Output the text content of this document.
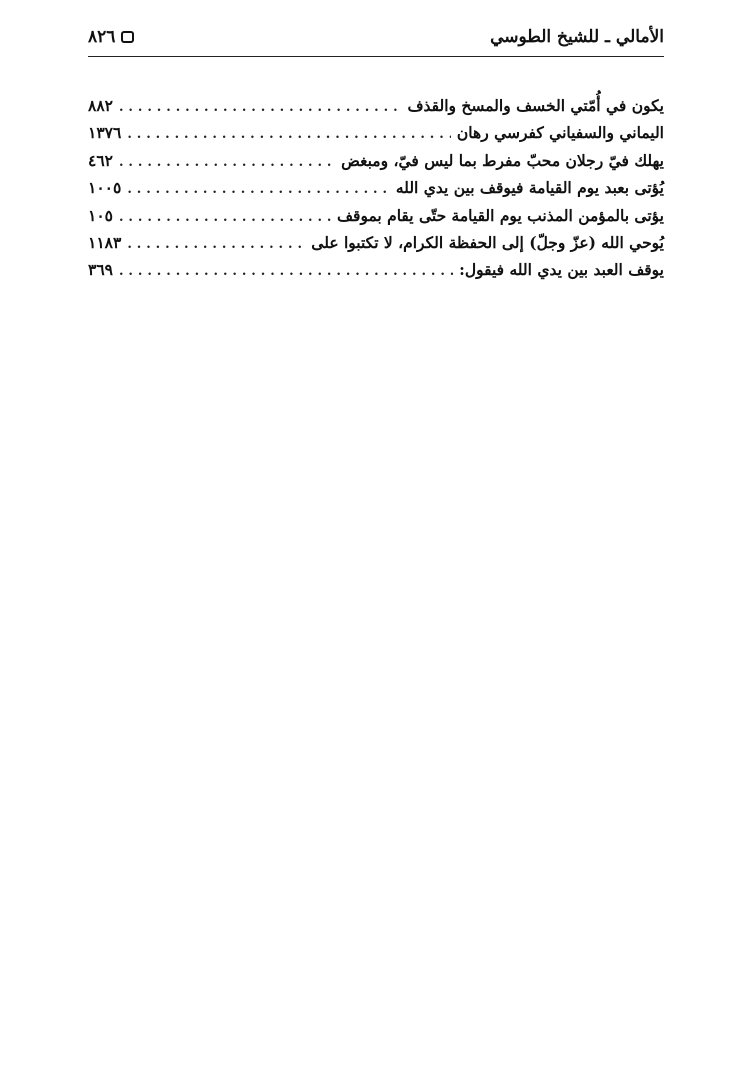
الأمالي ـ للشيخ الطوسي
٨٢٦
يكون في أُمّتي الخسف والمسخ والقذف
. . .
٨٨٢
اليماني والسفياني كفرسي رهان
. . .
١٣٧٦
يهلك فيّ رجلان محبّ مفرط بما ليس فيّ، ومبغض
. . .
٤٦٢
يُؤتى بعبد يوم القيامة فيوقف بين يدي الله
. . .
١٠٠٥
يؤتى بالمؤمن المذنب يوم القيامة حتّى يقام بموقف
. . .
١٠٥
يُوحي الله (عزّ وجلّ) إلى الحفظة الكرام، لا تكتبوا على
. . .
١١٨٣
يوقف العبد بين يدي الله فيقول:
. . .
٣٦٩
